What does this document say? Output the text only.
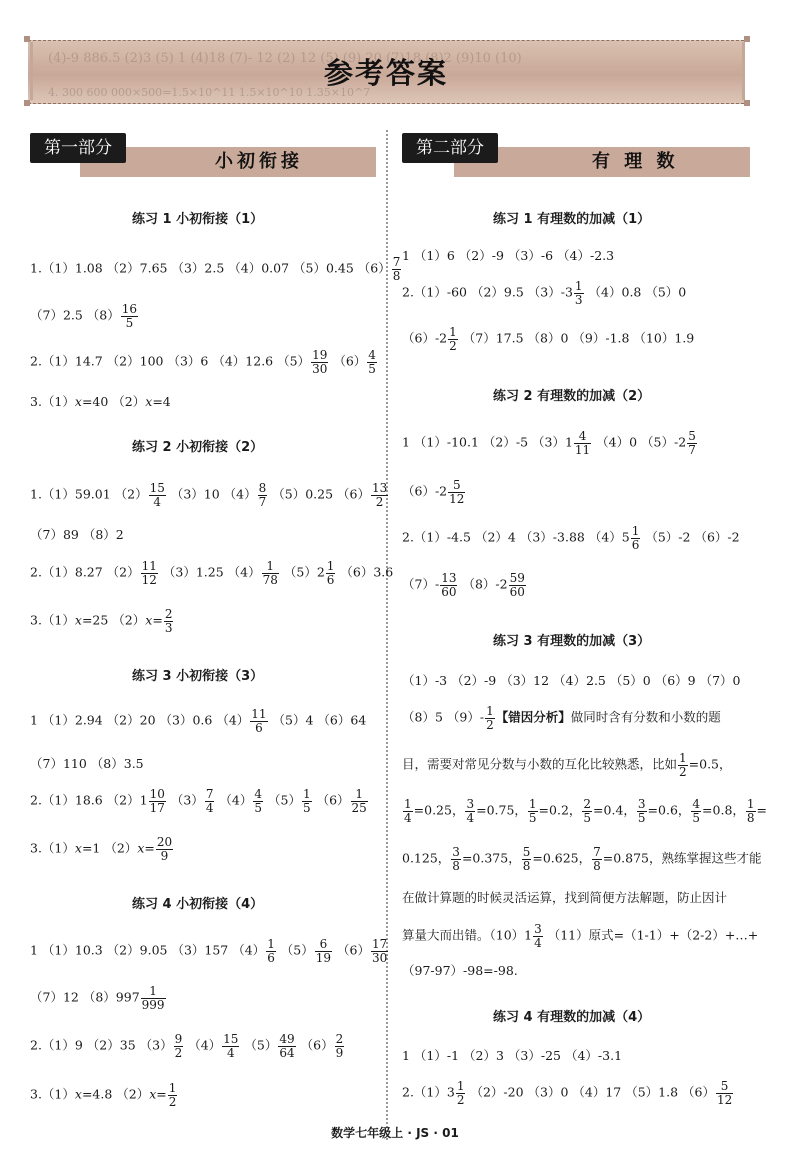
(4)-9 886.5 (2)3 (5) 1 (4)18 (7)- 12 (2) 12 (5) (9) 20 (7)18 (8)2 (9)10 (10)
4. 300 600 000×500=1.5×10^11 1.5×10^10 1.35×10^7
参考答案
第一部分
小初衔接
第二部分
有 理 数
练习 1 小初衔接（1）
1.（1）1.08 （2）7.65 （3）2.5 （4）0.07 （5）0.45 $(6) \frac{7}{8}$
（7）2.5 $(8) \frac{16}{5}$
2.（1）14.7 （2）100 （3）6 （4）12.6 $(5) \frac{19}{30} (6) \frac{4}{5}$
3.（1）x=40 （2）x=4
练习 2 小初衔接（2）
1.（1）59.01 $(2) \frac{15}{4} (3)10$ $(4) \frac{8}{7} (5)0.25$ $(6) \frac{13}{2}$
（7）89 （8）2
2.（1）8.27 $(2) \frac{11}{12} (3)1.25$ $(4) \frac{1}{78} (5)2 \frac{1}{6} (6)3.6$
3.（1）x=25 $(2)x= \frac{2}{3}$
练习 3 小初衔接（3）
1 （1）2.94 （2）20 （3）0.6 $(4) \frac{11}{6} (5)4$ （6）64
（7）110 （8）3.5
2.（1）18.6 $(2)1 \frac{10}{17} (3) \frac{7}{4} (4) \frac{4}{5} (5) \frac{1}{5} (6) \frac{1}{25}$
3.（1）x=1 $(2)x= \frac{20}{9}$
练习 4 小初衔接（4）
1 （1）10.3 （2）9.05 （3）157 $(4) \frac{1}{6} (5) \frac{6}{19} (6) \frac{17}{30}$
（7）12 $(8)997 \frac{1}{999}$
2.（1）9 （2）35 $(3) \frac{9}{2} (4) \frac{15}{4} (5) \frac{49}{64} (6) \frac{2}{9}$
3.（1）x=4.8 $(2)x= \frac{1}{2}$
练习 1 有理数的加减（1）
1 （1）6 （2）-9 （3）-6 （4）-2.3
2.（1）-60 （2）9.5 $(3)-3 \frac{1}{3} (4)0.8$ （5）0
$(6)-2 \frac{1}{2} (7)17.5$ （8）0 （9）-1.8 （10）1.9
练习 2 有理数的加减（2）
1 （1）-10.1 （2）-5 $(3)1 \frac{4}{11} (4)0$ $(5)-2 \frac{5}{7}$
$(6)-2 \frac{5}{12}$
2.（1）-4.5 （2）4 （3）-3.88 $(4)5 \frac{1}{6} (5)-2$ （6）-2
$(7)- \frac{13}{60} (8)-2 \frac{59}{60}$
练习 3 有理数的加减（3）
（1）-3 （2）-9 （3）12 （4）2.5 （5）0 （6）9 （7）0
（8）5 $(9)- \frac{1}{2}$ 【错因分析】做同时含有分数和小数的题
目，需要对常见分数与小数的互化比较熟悉，比如 $\frac{1}{2} =0.5$，
$\frac{1}{4} =0.25$， $\frac{3}{4} =0.75$， $\frac{1}{5} =0.2$， $\frac{2}{5} =0.4$， $\frac{3}{5} =0.6$， $\frac{4}{5} =0.8$， $\frac{1}{8}$ =
0.125， $\frac{3}{8} =0.375$， $\frac{5}{8} =0.625$， $\frac{7}{8} =0.875$，熟练掌握这些才能
在做计算题的时候灵活运算，找到简便方法解题，防止因计
算量大而出错。$(10)1 \frac{3}{4} (11)$原式=（1-1）+（2-2）+…+
（97-97）-98=-98.
练习 4 有理数的加减（4）
1 （1）-1 （2）3 （3）-25 （4）-3.1
$2.(1)3 \frac{1}{2} (2)-20$ （3）0 （4）17 （5）1.8 $(6) \frac{5}{12}$
数学七年级上 · JS · 01
